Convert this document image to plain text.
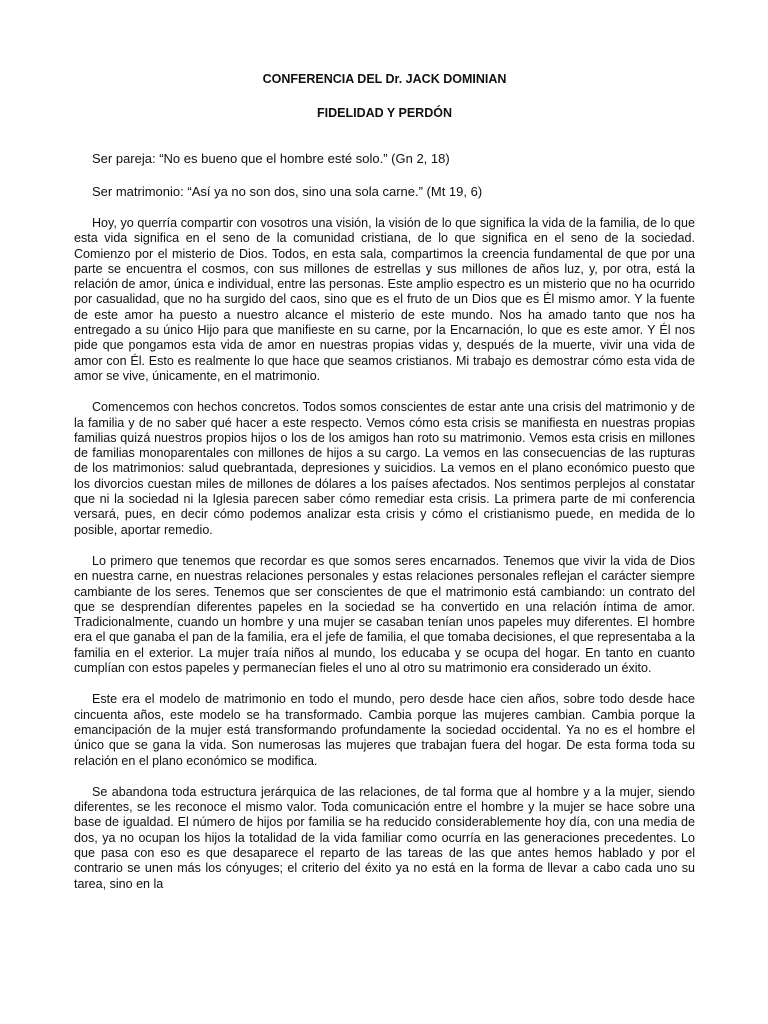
CONFERENCIA DEL Dr. JACK DOMINIAN

FIDELIDAD Y PERDÓN

Ser pareja: “No es bueno que el hombre esté solo.” (Gn 2, 18)

Ser matrimonio: “Así ya no son dos, sino una sola carne.” (Mt 19, 6)

Hoy, yo querría compartir con vosotros una visión, la visión de lo que significa la vida de la familia, de lo que esta vida significa en el seno de la comunidad cristiana, de lo que significa en el seno de la sociedad. Comienzo por el misterio de Dios. Todos, en esta sala, compartimos la creencia fundamental de que por una parte se encuentra el cosmos, con sus millones de estrellas y sus millones de años luz, y, por otra, está la relación de amor, única e individual, entre las personas. Este amplio espectro es un misterio que no ha ocurrido por casualidad, que no ha surgido del caos, sino que es el fruto de un Dios que es Él mismo amor. Y la fuente de este amor ha puesto a nuestro alcance el misterio de este mundo. Nos ha amado tanto que nos ha entregado a su único Hijo para que manifieste en su carne, por la Encarnación, lo que es este amor. Y Él nos pide que pongamos esta vida de amor en nuestras propias vidas y, después de la muerte, vivir una vida de amor con Él. Esto es realmente lo que hace que seamos cristianos. Mi trabajo es demostrar cómo esta vida de amor se vive, únicamente, en el matrimonio.

Comencemos con hechos concretos. Todos somos conscientes de estar ante una crisis del matrimonio y de la familia y de no saber qué hacer a este respecto. Vemos cómo esta crisis se manifiesta en nuestras propias familias quizá nuestros propios hijos o los de los amigos han roto su matrimonio. Vemos esta crisis en millones de familias monoparentales con millones de hijos a su cargo. La vemos en las consecuencias de las rupturas de los matrimonios: salud quebrantada, depresiones y suicidios. La vemos en el plano económico puesto que los divorcios cuestan miles de millones de dólares a los países afectados. Nos sentimos perplejos al constatar que ni la sociedad ni la Iglesia parecen saber cómo remediar esta crisis. La primera parte de mi conferencia versará, pues, en decir cómo podemos analizar esta crisis y cómo el cristianismo puede, en medida de lo posible, aportar remedio.

Lo primero que tenemos que recordar es que somos seres encarnados. Tenemos que vivir la vida de Dios en nuestra carne, en nuestras relaciones personales y estas relaciones personales reflejan el carácter siempre cambiante de los seres. Tenemos que ser conscientes de que el matrimonio está cambiando: un contrato del que se desprendían diferentes papeles en la sociedad se ha convertido en una relación íntima de amor. Tradicionalmente, cuando un hombre y una mujer se casaban tenían unos papeles muy diferentes. El hombre era el que ganaba el pan de la familia, era el jefe de familia, el que tomaba decisiones, el que representaba a la familia en el exterior. La mujer traía niños al mundo, los educaba y se ocupa del hogar. En tanto en cuanto cumplían con estos papeles y permanecían fieles el uno al otro su matrimonio era considerado un éxito.

Este era el modelo de matrimonio en todo el mundo, pero desde hace cien años, sobre todo desde hace cincuenta años, este modelo se ha transformado. Cambia porque las mujeres cambian. Cambia porque la emancipación de la mujer está transformando profundamente la sociedad occidental. Ya no es el hombre el único que se gana la vida. Son numerosas las mujeres que trabajan fuera del hogar. De esta forma toda su relación en el plano económico se modifica.

Se abandona toda estructura jerárquica de las relaciones, de tal forma que al hombre y a la mujer, siendo diferentes, se les reconoce el mismo valor. Toda comunicación entre el hombre y la mujer se hace sobre una base de igualdad. El número de hijos por familia se ha reducido considerablemente hoy día, con una media de dos, ya no ocupan los hijos la totalidad de la vida familiar como ocurría en las generaciones precedentes. Lo que pasa con eso es que desaparece el reparto de las tareas de las que antes hemos hablado y por el contrario se unen más los cónyuges; el criterio del éxito ya no está en la forma de llevar a cabo cada uno su tarea, sino en la
